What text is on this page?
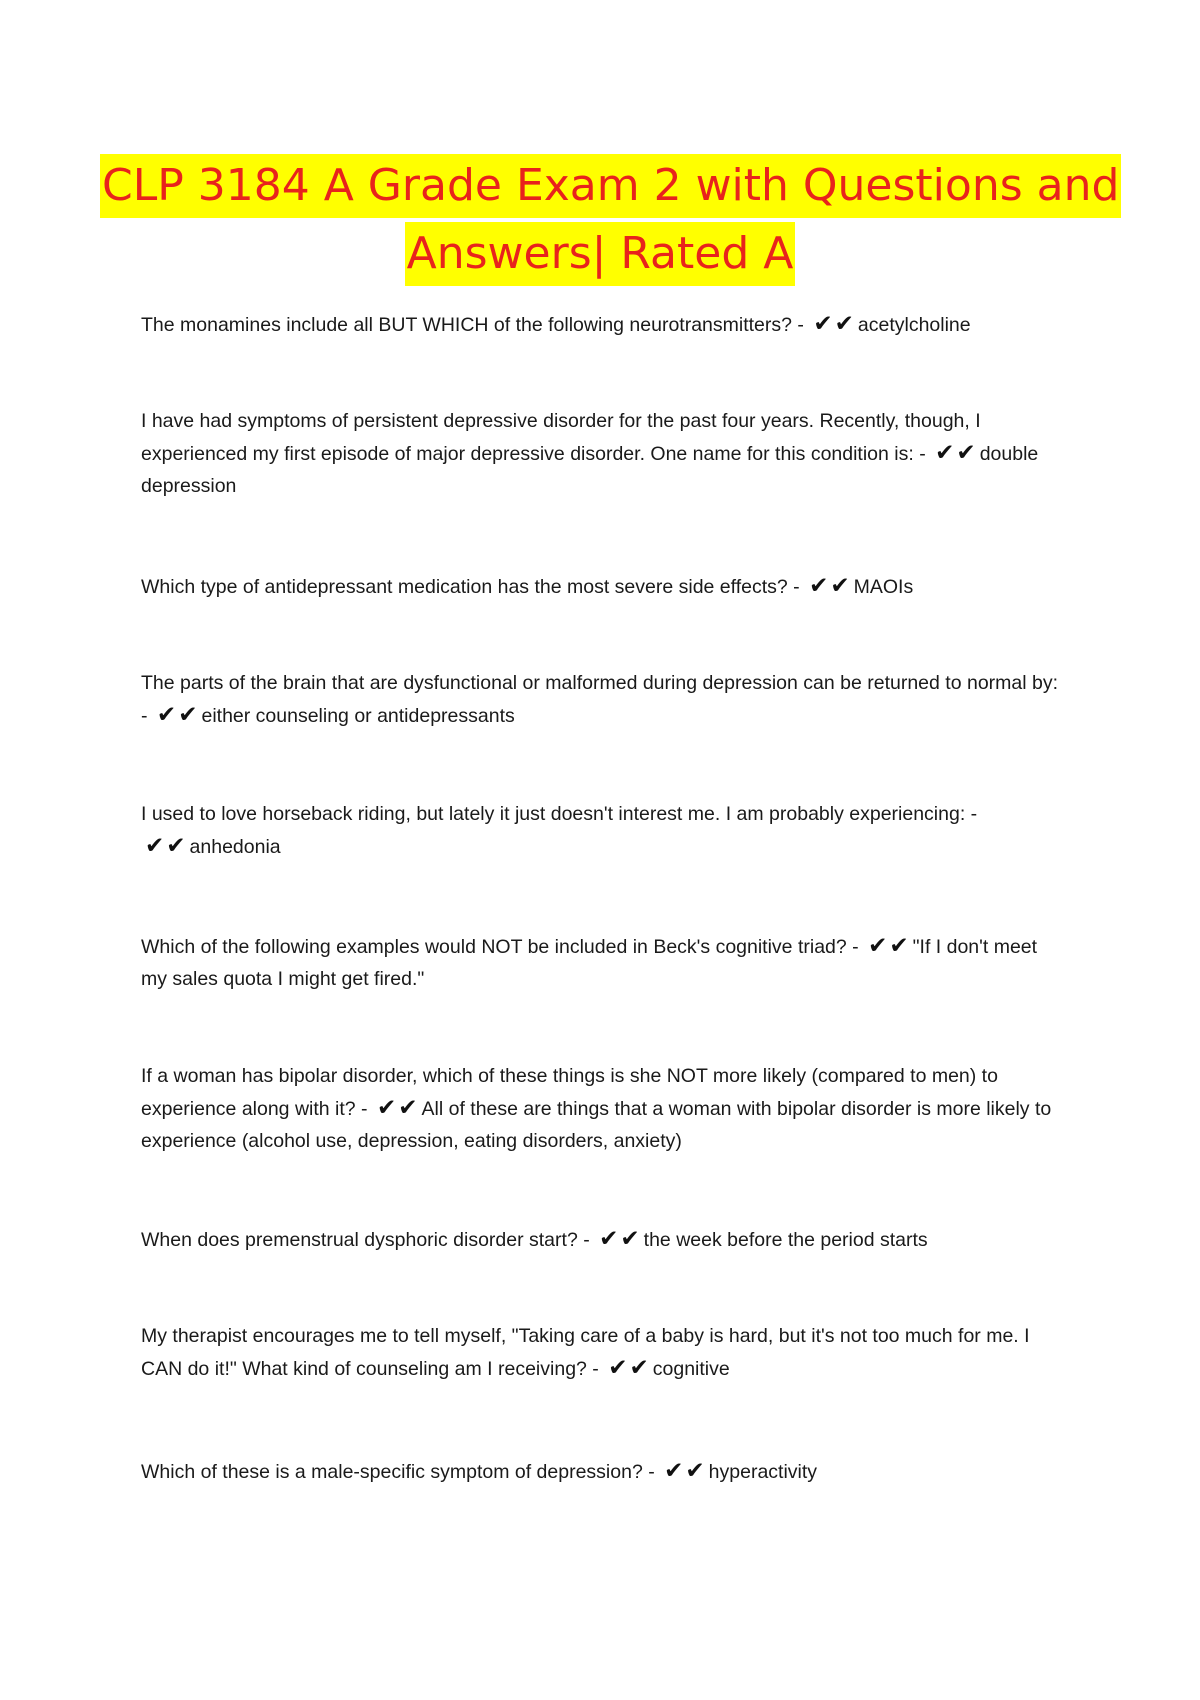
CLP 3184 A Grade Exam 2 with Questions and
Answers| Rated A
The monamines include all BUT WHICH of the following neurotransmitters? - ✔✔ acetylcholine
I have had symptoms of persistent depressive disorder for the past four years. Recently, though, I experienced my first episode of major depressive disorder. One name for this condition is: - ✔✔ double depression
Which type of antidepressant medication has the most severe side effects? - ✔✔ MAOIs
The parts of the brain that are dysfunctional or malformed during depression can be returned to normal by: - ✔✔ either counseling or antidepressants
I used to love horseback riding, but lately it just doesn't interest me. I am probably experiencing: - ✔✔ anhedonia
Which of the following examples would NOT be included in Beck's cognitive triad? - ✔✔ "If I don't meet my sales quota I might get fired."
If a woman has bipolar disorder, which of these things is she NOT more likely (compared to men) to experience along with it? - ✔✔ All of these are things that a woman with bipolar disorder is more likely to experience (alcohol use, depression, eating disorders, anxiety)
When does premenstrual dysphoric disorder start? - ✔✔ the week before the period starts
My therapist encourages me to tell myself, "Taking care of a baby is hard, but it's not too much for me. I CAN do it!" What kind of counseling am I receiving? - ✔✔ cognitive
Which of these is a male-specific symptom of depression? - ✔✔ hyperactivity
